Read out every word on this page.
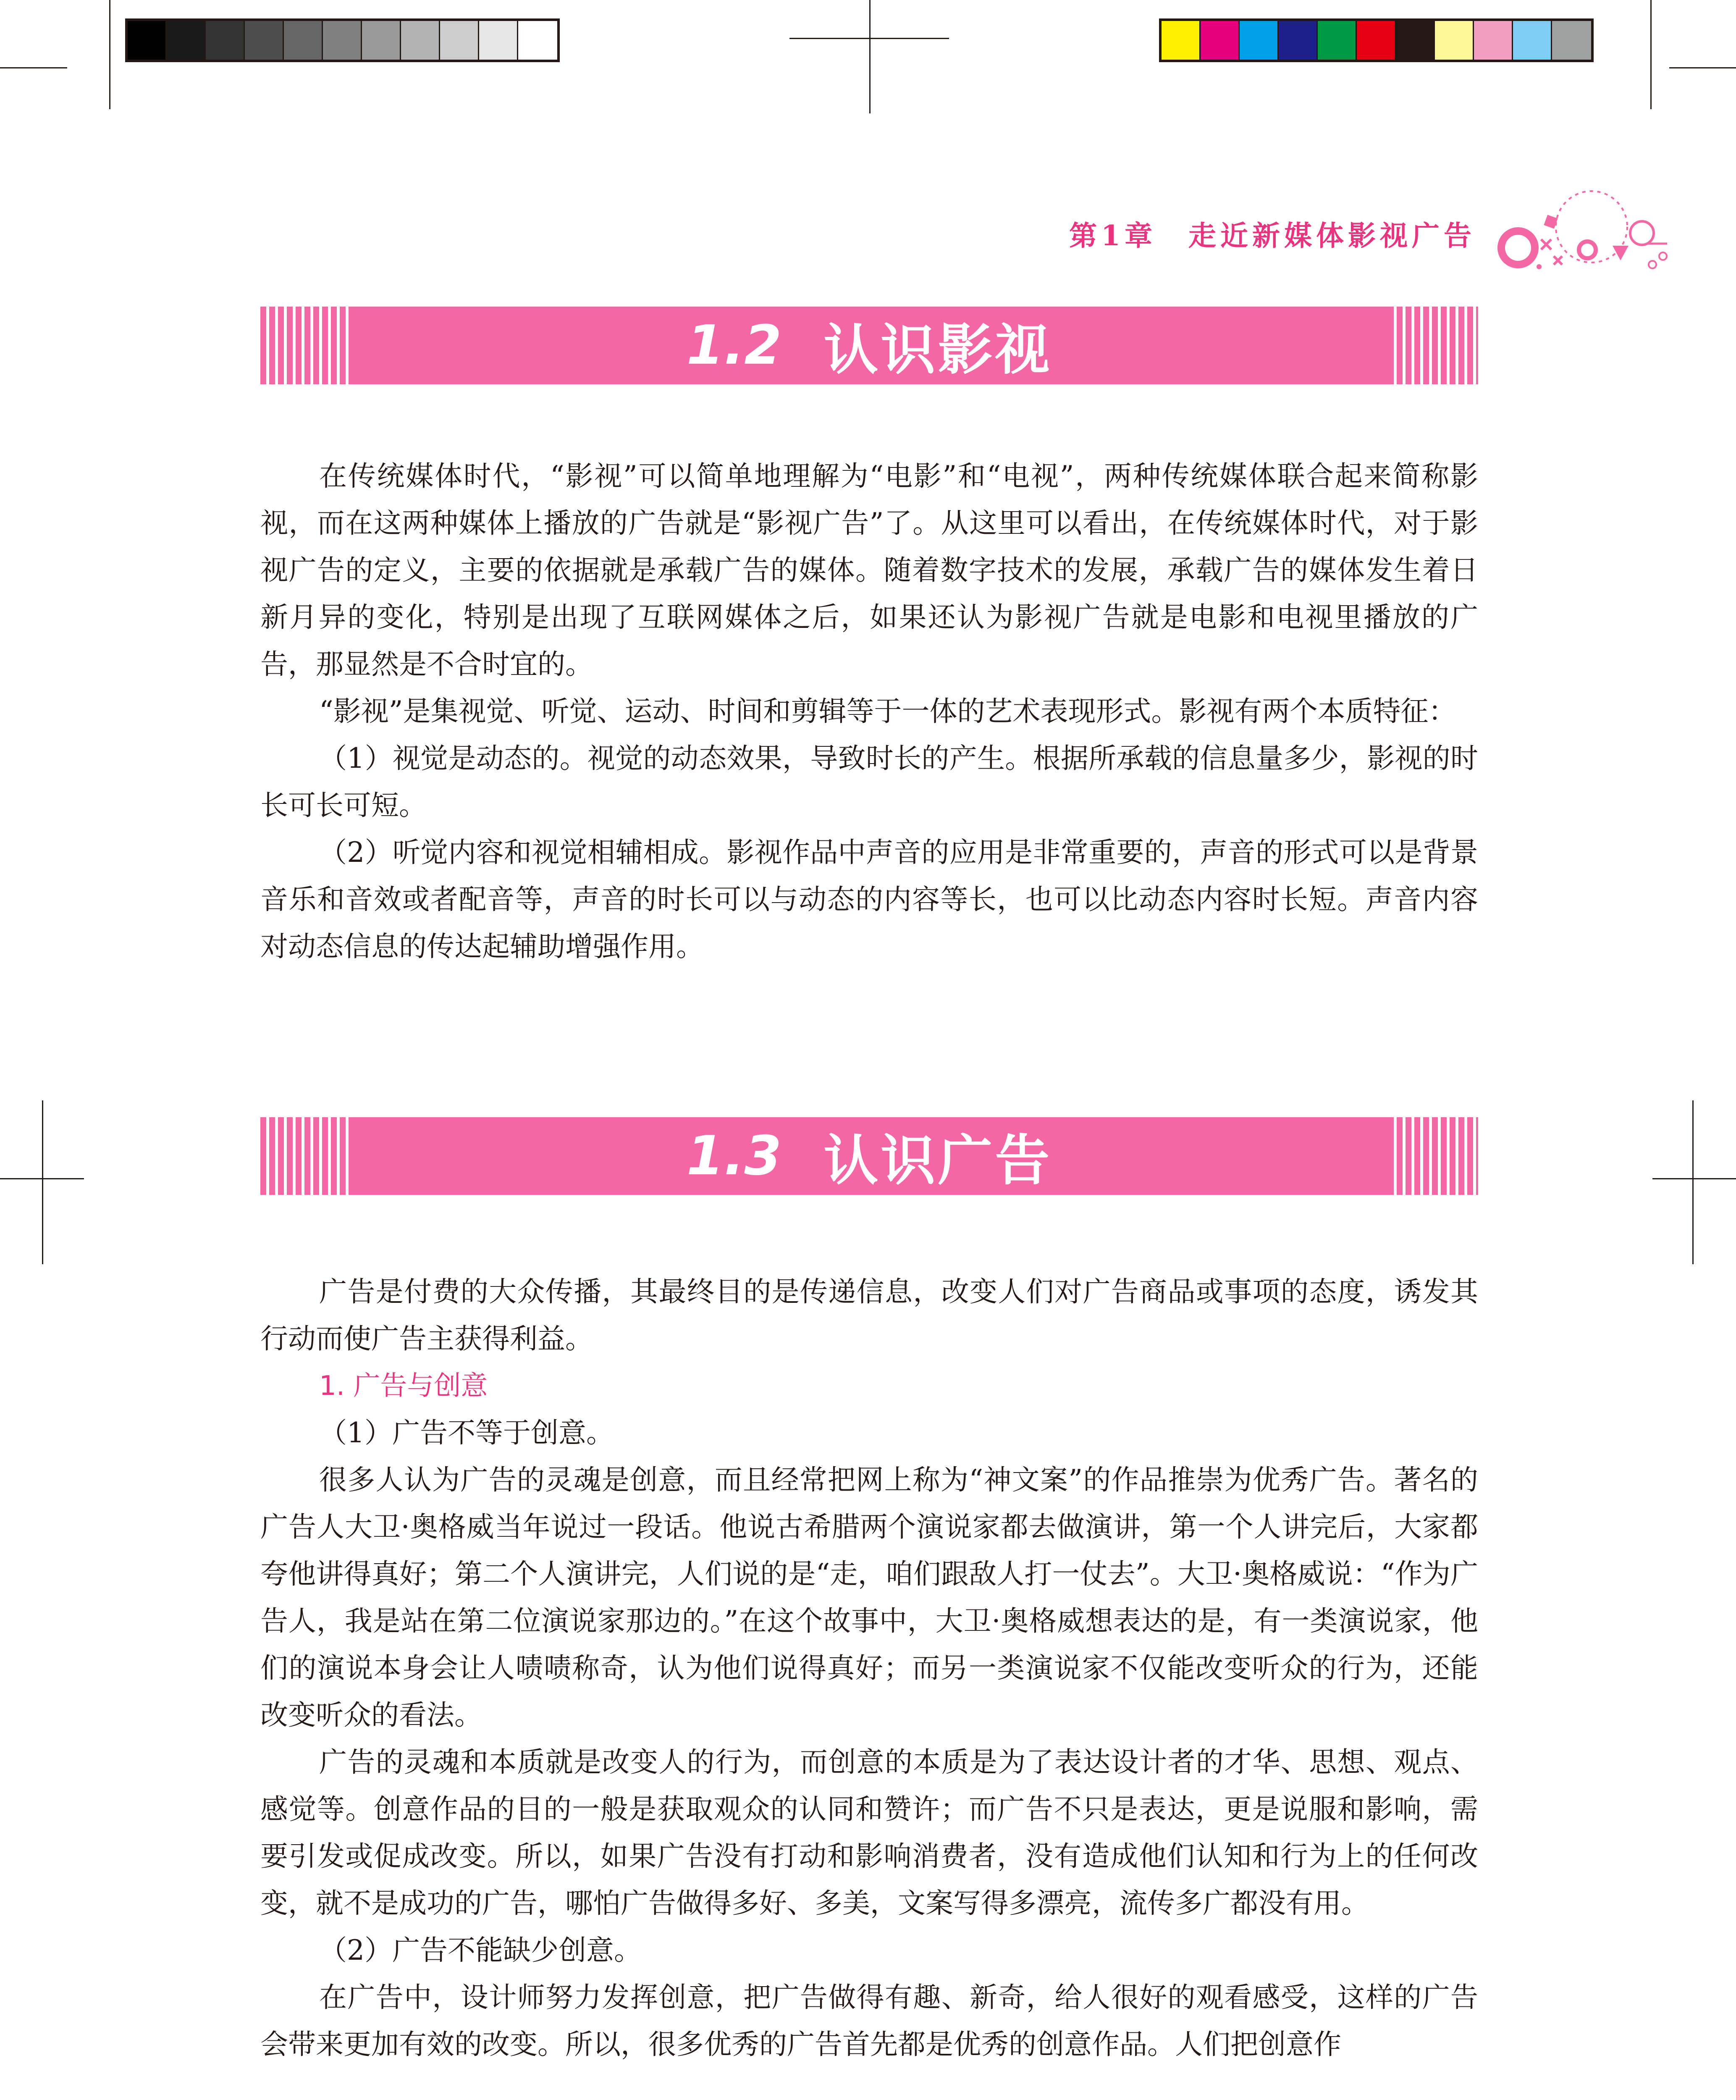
第1章　走近新媒体影视广告
1.2 认识影视

在传统媒体时代，“影视”可以简单地理解为“电影”和“电视”，两种传统媒体联合起来简称影视，而在这两种媒体上播放的广告就是“影视广告”了。从这里可以看出，在传统媒体时代，对于影视广告的定义，主要的依据就是承载广告的媒体。随着数字技术的发展，承载广告的媒体发生着日新月异的变化，特别是出现了互联网媒体之后，如果还认为影视广告就是电影和电视里播放的广告，那显然是不合时宜的。

“影视”是集视觉、听觉、运动、时间和剪辑等于一体的艺术表现形式。影视有两个本质特征：

（1）视觉是动态的。视觉的动态效果，导致时长的产生。根据所承载的信息量多少，影视的时长可长可短。

（2）听觉内容和视觉相辅相成。影视作品中声音的应用是非常重要的，声音的形式可以是背景音乐和音效或者配音等，声音的时长可以与动态的内容等长，也可以比动态内容时长短。声音内容对动态信息的传达起辅助增强作用。

1.3 认识广告

广告是付费的大众传播，其最终目的是传递信息，改变人们对广告商品或事项的态度，诱发其行动而使广告主获得利益。

1. 广告与创意

（1）广告不等于创意。

很多人认为广告的灵魂是创意，而且经常把网上称为“神文案”的作品推崇为优秀广告。著名的广告人大卫·奥格威当年说过一段话。他说古希腊两个演说家都去做演讲，第一个人讲完后，大家都夸他讲得真好；第二个人演讲完，人们说的是“走，咱们跟敌人打一仗去”。大卫·奥格威说：“作为广告人，我是站在第二位演说家那边的。”在这个故事中，大卫·奥格威想表达的是，有一类演说家，他们的演说本身会让人啧啧称奇，认为他们说得真好；而另一类演说家不仅能改变听众的行为，还能改变听众的看法。

广告的灵魂和本质就是改变人的行为，而创意的本质是为了表达设计者的才华、思想、观点、感觉等。创意作品的目的一般是获取观众的认同和赞许；而广告不只是表达，更是说服和影响，需要引发或促成改变。所以，如果广告没有打动和影响消费者，没有造成他们认知和行为上的任何改变，就不是成功的广告，哪怕广告做得多好、多美，文案写得多漂亮，流传多广都没有用。

（2）广告不能缺少创意。

在广告中，设计师努力发挥创意，把广告做得有趣、新奇，给人很好的观看感受，这样的广告会带来更加有效的改变。所以，很多优秀的广告首先都是优秀的创意作品。人们把创意作
